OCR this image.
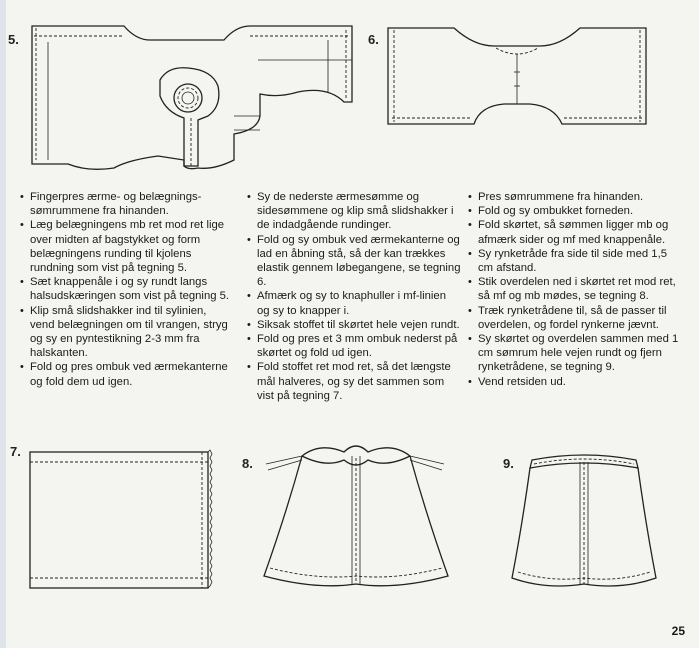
5.	6.
• Fingerpres ærme- og belægnings-sømrummene fra hinanden.
• Læg belægningens mb ret mod ret lige over midten af bagstykket og form belægningens runding til kjolens rundning som vist på tegning 5.
• Sæt knappenåle i og sy rundt langs halsudskæringen som vist på tegning 5.
• Klip små slidshakker ind til sylinien, vend belægningen om til vrangen, stryg og sy en pyntestikning 2-3 mm fra halskanten.
• Fold og pres ombuk ved ærmekanterne og fold dem ud igen.
• Sy de nederste ærmesømme og sidesømmene og klip små slidshakker i de indadgående rundinger.
• Fold og sy ombuk ved ærmekanterne og lad en åbning stå, så der kan trækkes elastik gennem løbegangene, se tegning 6.
• Afmærk og sy to knaphuller i mf-linien og sy to knapper i.
• Siksak stoffet til skørtet hele vejen rundt.
• Fold og pres et 3 mm ombuk nederst på skørtet og fold ud igen.
• Fold stoffet ret mod ret, så det længste mål halveres, og sy det sammen som vist på tegning 7.
• Pres sømrummene fra hinanden.
• Fold og sy ombukket forneden.
• Fold skørtet, så sømmen ligger mb og afmærk sider og mf med knappenåle.
• Sy rynketråde fra side til side med 1,5 cm afstand.
• Stik overdelen ned i skørtet ret mod ret, så mf og mb mødes, se tegning 8.
• Træk rynketrådene til, så de passer til overdelen, og fordel rynkerne jævnt.
• Sy skørtet og overdelen sammen med 1 cm sømrum hele vejen rundt og fjern rynketrådene, se tegning 9.
• Vend retsiden ud.
7.
8.	9.
25
